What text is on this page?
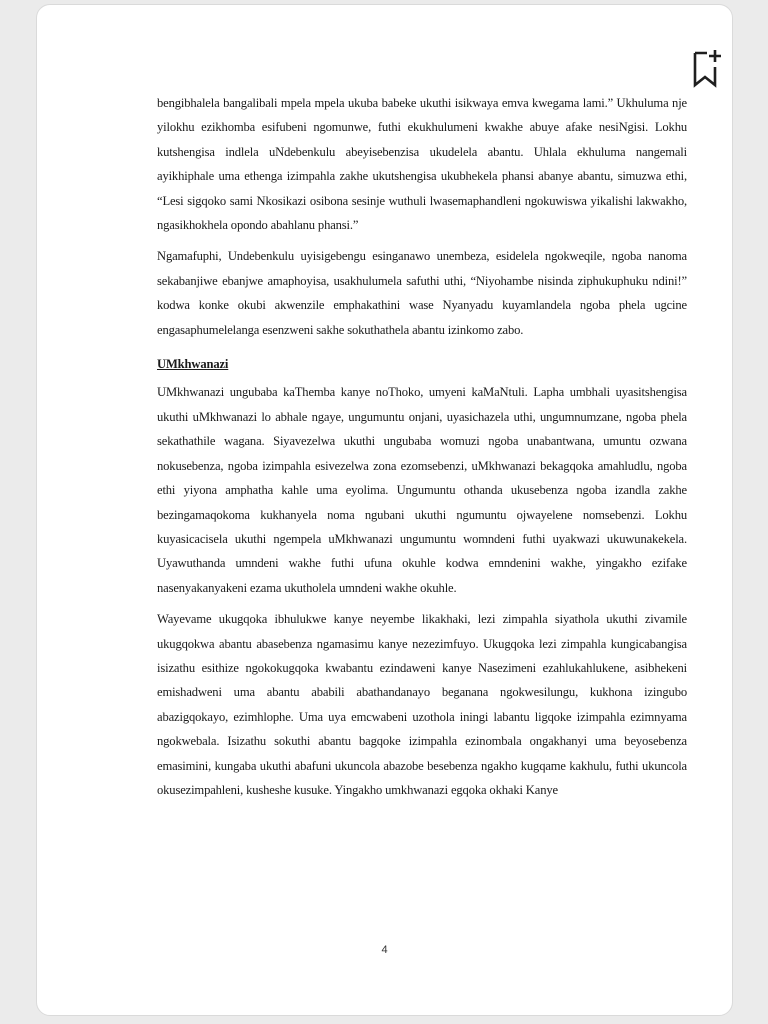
bengibhalela bangalibali mpela mpela ukuba babeke ukuthi isikwaya emva kwegama lami.” Ukhuluma nje yilokhu ezikhomba esifubeni ngomunwe, futhi ekukhulumeni kwakhe abuye afake nesiNgisi. Lokhu kutshengisa indlela uNdebenkulu abeyisebenzisa ukudelela abantu. Uhlala ekhuluma nangemali ayikhiphale uma ethenga izimpahla zakhe ukutshengisa ukubhekela phansi abanye abantu, simuzwa ethi, “Lesi sigqoko sami Nkosikazi osibona sesinje wuthuli lwasemaphandleni ngokuwiswa yikalishi lakwakho, ngasikhokhela opondo abahlanu phansi.”

Ngamafuphi, Undebenkulu uyisigebengu esinganawo unembeza, esidelela ngokweqile, ngoba nanoma sekabanjiwe ebanjwe amaphoyisa, usakhulumela safuthi uthi, “Niyohambe nisinda ziphukuphuku ndini!” kodwa konke okubi akwenzile emphakathini wase Nyanyadu kuyamlandela ngoba phela ugcine engasaphumelelanga esenzweni sakhe sokuthathela abantu izinkomo zabo.

UMkhwanazi

UMkhwanazi ungubaba kaThemba kanye noThoko, umyeni kaMaNtuli. Lapha umbhali uyasitshengisa ukuthi uMkhwanazi lo abhale ngaye, ungumuntu onjani, uyasichazela uthi, ungumnumzane, ngoba phela sekathathile wagana. Siyavezelwa ukuthi ungubaba womuzi ngoba unabantwana, umuntu ozwana nokusebenza, ngoba izimpahla esivezelwa zona ezomsebenzi, uMkhwanazi bekagqoka amahludlu, ngoba ethi yiyona amphatha kahle uma eyolima. Ungumuntu othanda ukusebenza ngoba izandla zakhe bezingamaqokoma kukhanyela noma ngubani ukuthi ngumuntu ojwayelene nomsebenzi. Lokhu kuyasicacisela ukuthi ngempela uMkhwanazi ungumuntu womndeni futhi uyakwazi ukuwunakekela. Uyawuthanda umndeni wakhe futhi ufuna okuhle kodwa emndenini wakhe, yingakho ezifake nasenyakanyakeni ezama ukutholela umndeni wakhe okuhle.

Wayevame ukugqoka ibhulukwe kanye neyembe likakhaki, lezi zimpahla siyathola ukuthi zivamile ukugqokwa abantu abasebenza ngamasimu kanye nezezimfuyo. Ukugqoka lezi zimpahla kungicabangisa isizathu esithize ngokokugqoka kwabantu ezindaweni kanye Nasezimeni ezahlukahlukene, asibhekeni emishadweni uma abantu ababili abathandanayo beganana ngokwesilungu, kukhona izingubo abazigqokayo, ezimhlophe. Uma uya emcwabeni uzothola iningi labantu ligqoke izimpahla ezimnyama ngokwebala. Isizathu sokuthi abantu bagqoke izimpahla ezinombala ongakhanyi uma beyosebenza emasimini, kungaba ukuthi abafuni ukuncola abazobe besebenza ngakho kugqame kakhulu, futhi ukuncola okusezimpahleni, kusheshe kusuke. Yingakho umkhwanazi egqoka okhaki Kanye

4
